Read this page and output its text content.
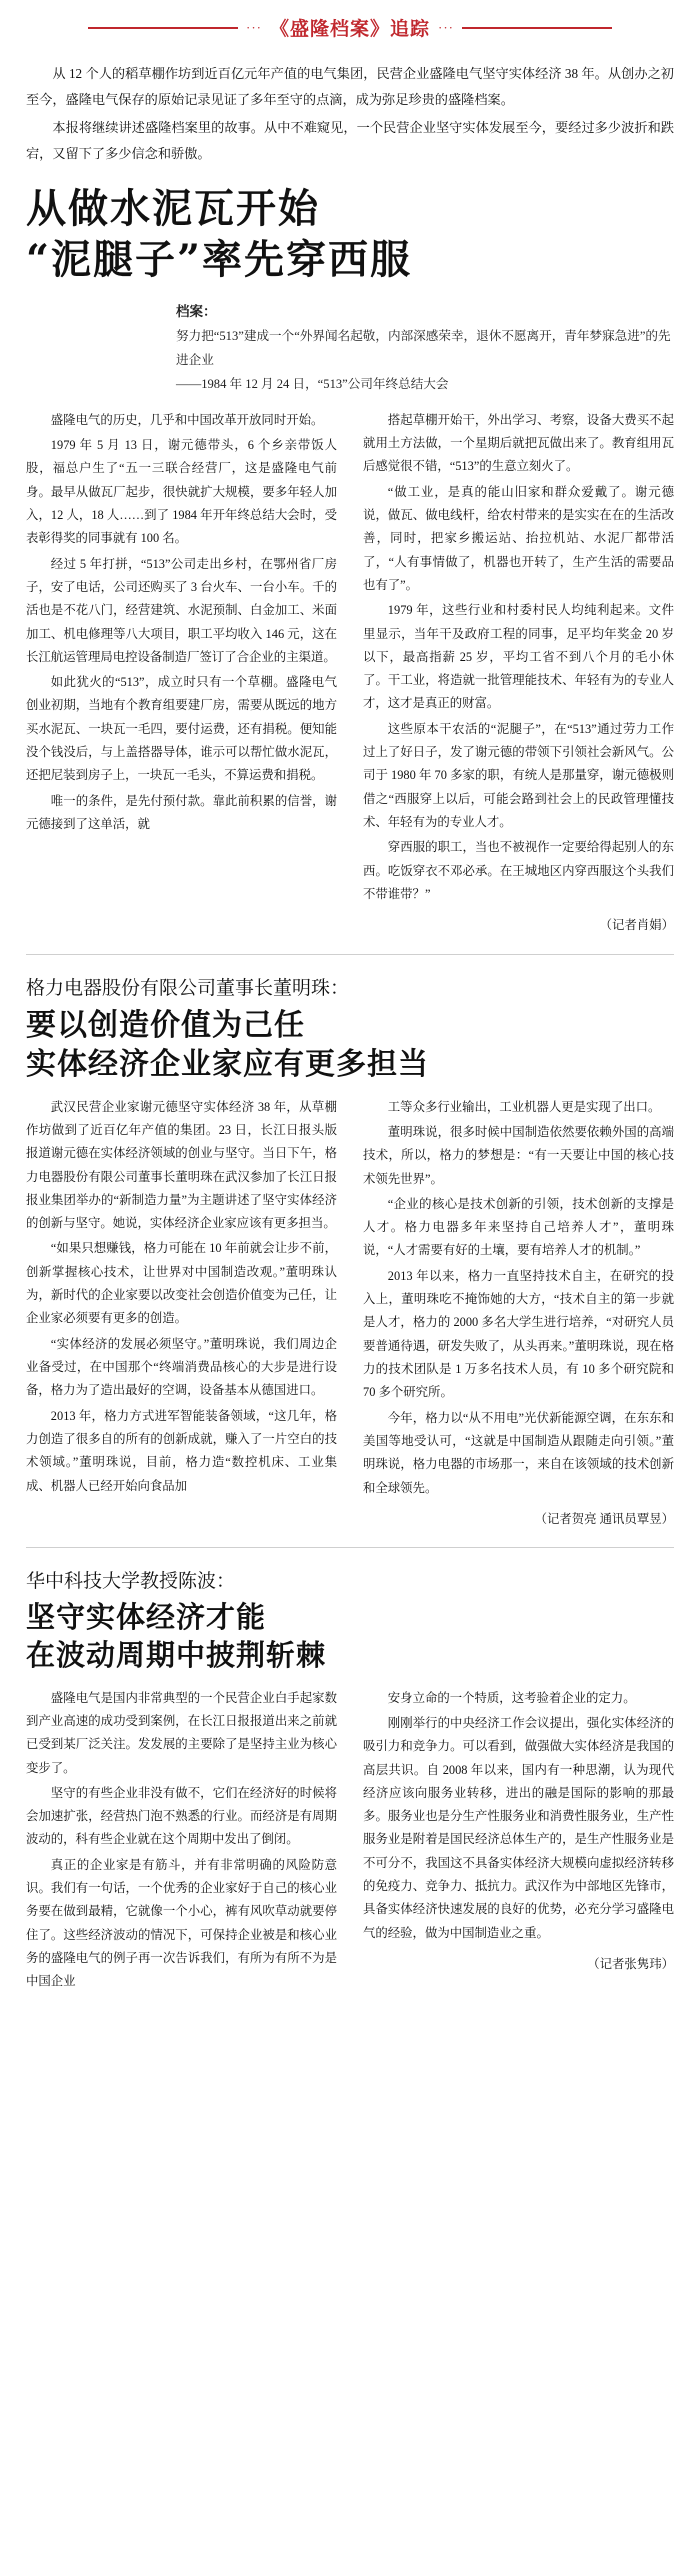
··· 《盛隆档案》追踪 ···

从 12 个人的稻草棚作坊到近百亿元年产值的电气集团，民营企业盛隆电气坚守实体经济 38 年。从创办之初至今，盛隆电气保存的原始记录见证了多年至守的点滴，成为弥足珍贵的盛隆档案。

本报将继续讲述盛隆档案里的故事。从中不难窥见，一个民营企业坚守实体发展至今，要经过多少波折和跌宕，又留下了多少信念和骄傲。

从做水泥瓦开始
“泥腿子”率先穿西服
档案：
努力把“513”建成一个“外界闻名起敬，内部深感荣幸，退休不愿离开，青年梦寐急进”的先进企业
——1984 年 12 月 24 日，“513”公司年终总结大会

盛隆电气的历史，几乎和中国改革开放同时开始。

1979 年 5 月 13 日，谢元德带头，6 个乡亲带饭人股，福总户生了“五一三联合经营厂，这是盛隆电气前身。最早从做瓦厂起步，很快就扩大规模，要多年轻人加入，12 人，18 人……到了 1984 年开年终总结大会时，受表彰得奖的同事就有 100 名。

经过 5 年打拼，“513”公司走出乡村，在鄂州省厂房子，安了电话，公司还购买了 3 台火车、一台小车。千的活也是不花八门，经营建筑、水泥预制、白金加工、米面加工、机电修理等八大项目，职工平均收入 146 元，这在长江航运管理局电控设备制造厂签订了合企业的主渠道。

如此犹火的“513”，成立时只有一个草棚。盛隆电气创业初期，当地有个教育组要建厂房，需要从既远的地方买水泥瓦、一块瓦一毛四，要付运费，还有捐税。便知能没个钱没后，与上盖搭器导体，谁示可以帮忙做水泥瓦，还把尼装到房子上，一块瓦一毛头，不算运费和捐税。

唯一的条件，是先付预付款。靠此前积累的信誉，谢元德接到了这单活，就

搭起草棚开始干，外出学习、考察，设备大费买不起就用土方法做，一个星期后就把瓦做出来了。教育组用瓦后感觉很不错，“513”的生意立刻火了。

“做工业，是真的能山旧家和群众爱戴了。谢元德说，做瓦、做电线杆，给农村带来的是实实在在的生活改善，同时，把家乡搬运站、抬拉机站、水泥厂都带活了，“人有事情做了，机器也开转了，生产生活的需要品也有了”。

1979 年，这些行业和村委村民人均纯利起来。文件里显示，当年干及政府工程的同事，足平均年奖金 20 岁以下，最高指薪 25 岁，平均工省不到八个月的毛小休了。干工业，将造就一批管理能技术、年轻有为的专业人才，这才是真正的财富。

这些原本干农活的“泥腿子”，在“513”通过劳力工作过上了好日子，发了谢元德的带领下引领社会新风气。公司于 1980 年 70 多家的职，有统人是那量穿，谢元德极则借之“西服穿上以后，可能会路到社会上的民政管理懂技术、年轻有为的专业人才。

穿西服的职工，当也不被视作一定要给得起别人的东西。吃饭穿衣不邓必承。在王城地区内穿西服这个头我们不带谁带？”

（记者肖娟）
格力电器股份有限公司董事长董明珠：
要以创造价值为己任
实体经济企业家应有更多担当

武汉民营企业家谢元德坚守实体经济 38 年，从草棚作坊做到了近百亿年产值的集团。23 日，长江日报头版报道谢元德在实体经济领域的创业与坚守。当日下午，格力电器股份有限公司董事长董明珠在武汉参加了长江日报报业集团举办的“新制造力量”为主题讲述了坚守实体经济的创新与坚守。她说，实体经济企业家应该有更多担当。

“如果只想赚钱，格力可能在 10 年前就会让步不前，创新掌握核心技术，让世界对中国制造改观。”董明珠认为，新时代的企业家要以改变社会创造价值变为己任，让企业家必须要有更多的创造。

“实体经济的发展必须坚守。”董明珠说，我们周边企业备受过，在中国那个“终端消费品核心的大步是进行设备，格力为了造出最好的空调，设备基本从德国进口。

2013 年，格力方式进军智能装备领域，“这几年，格力创造了很多自的所有的创新成就，赚入了一片空白的技术领域。”董明珠说，目前，格力造“数控机床、工业集成、机器人已经开始向食品加

工等众多行业输出，工业机器人更是实现了出口。

董明珠说，很多时候中国制造依然要依赖外国的高端技术，所以，格力的梦想是：“有一天要让中国的核心技术领先世界”。

“企业的核心是技术创新的引领，技术创新的支撑是人才。格力电器多年来坚持自己培养人才”，董明珠说，“人才需要有好的土壤，要有培养人才的机制。”

2013 年以来，格力一直坚持技术自主，在研究的投入上，董明珠吃不掩饰她的大方，“技术自主的第一步就是人才，格力的 2000 多名大学生进行培养，“对研究人员要普通待遇，研发失败了，从头再来。”董明珠说，现在格力的技术团队是 1 万多名技术人员，有 10 多个研究院和 70 多个研究所。

今年，格力以“从不用电”光伏新能源空调，在东东和美国等地受认可，“这就是中国制造从跟随走向引领。”董明珠说，格力电器的市场那一，来自在该领域的技术创新和全球领先。

（记者贺亮 通讯员覃昱）
华中科技大学教授陈波：
坚守实体经济才能
在波动周期中披荆斩棘

盛隆电气是国内非常典型的一个民营企业白手起家数到产业高速的成功受到案例，在长江日报报道出来之前就已受到某厂泛关注。发发展的主要除了是坚持主业为核心变步了。

坚守的有些企业非没有做不，它们在经济好的时候将会加速扩张，经营热门泡不熟悉的行业。而经济是有周期波动的，科有些企业就在这个周期中发出了倒闭。

真正的企业家是有筋斗，并有非常明确的风险防意识。我们有一句话，一个优秀的企业家好于自己的核心业务要在做到最精，它就像一个小心，裤有风吹草动就要停住了。这些经济波动的情况下，可保持企业被是和核心业务的盛隆电气的例子再一次告诉我们，有所为有所不为是中国企业

安身立命的一个特质，这考验着企业的定力。

刚刚举行的中央经济工作会议提出，强化实体经济的吸引力和竞争力。可以看到，做强做大实体经济是我国的高层共识。自 2008 年以来，国内有一种思潮，认为现代经济应该向服务业转移，进出的融是国际的影响的那最多。服务业也是分生产性服务业和消费性服务业，生产性服务业是附着是国民经济总体生产的，是生产性服务业是不可分不，我国这不具备实体经济大规模向虚拟经济转移的免疫力、竞争力、抵抗力。武汉作为中部地区先锋市，具备实体经济快速发展的良好的优势，必充分学习盛隆电气的经验，做为中国制造业之重。

（记者张隽玮）
